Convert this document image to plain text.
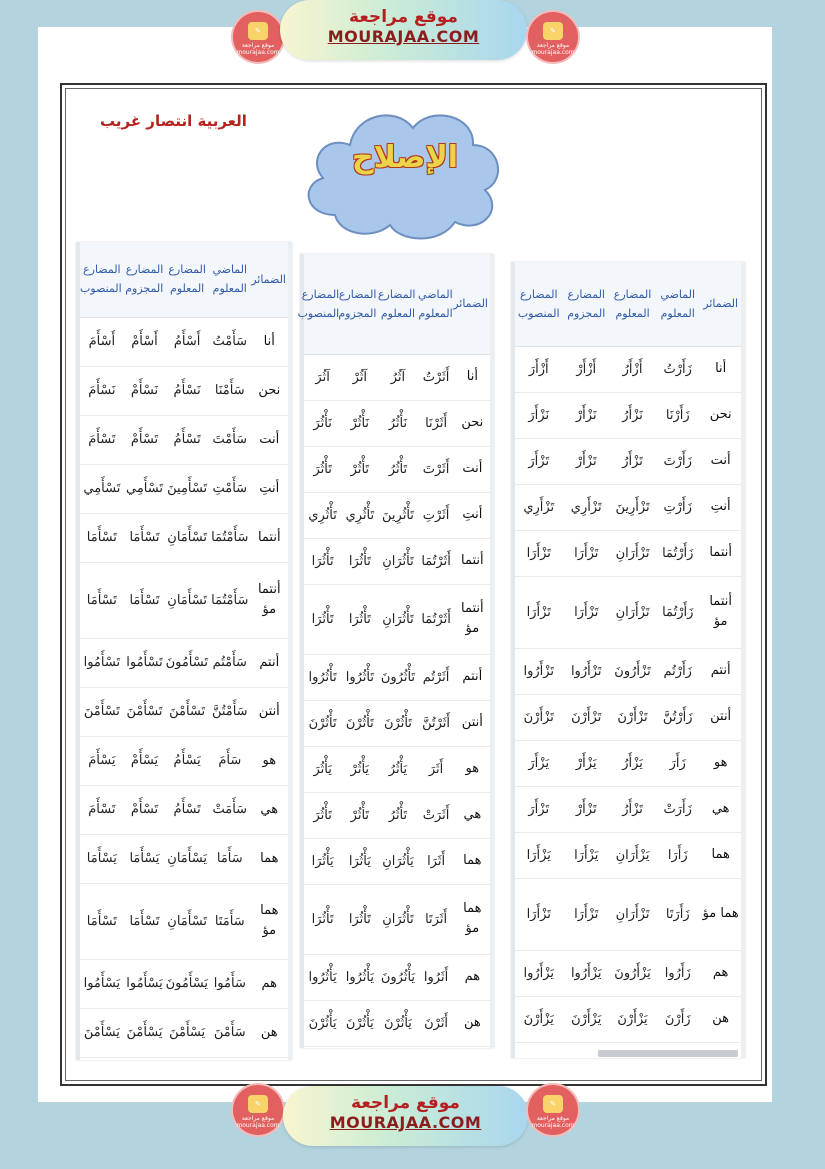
✎
موقع مراجعة
mourajaa.com
موقع مراجعة
MOURAJAA.COM	✎
موقع مراجعة
mourajaa.com
العربية انتصار غريب
الإصلاح
الضمائر	الماضي المعلوم	المضارع المعلوم	المضارع المجزوم	المضارع المنصوب
أنا	زَأَرْتُ	أَزْأَرُ	أَزْأَرْ	أَزْأَرَ
نحن	زَأَرْنَا	نَزْأَرُ	نَزْأَرْ	نَزْأَرَ
أنت	زَأَرْتَ	تَزْأَرُ	تَزْأَرْ	تَزْأَرَ
أنتِ	زَأَرْتِ	تَزْأَرِينَ	تَزْأَرِي	تَزْأَرِي
أنتما	زَأَرْتُمَا	تَزْأَرَانِ	تَزْأَرَا	تَزْأَرَا
أنتما مؤ	زَأَرْتُمَا	تَزْأَرَانِ	تَزْأَرَا	تَزْأَرَا
أنتم	زَأَرْتُم	تَزْأَرُونَ	تَزْأَرُوا	تَزْأَرُوا
أنتن	زَأَرْتُنَّ	تَزْأَرْنَ	تَزْأَرْنَ	تَزْأَرْنَ
هو	زَأَرَ	يَزْأَرُ	يَزْأَرْ	يَزْأَرَ
هي	زَأَرَتْ	تَزْأَرُ	تَزْأَرْ	تَزْأَرَ
هما	زَأَرَا	يَزْأَرَانِ	يَزْأَرَا	يَزْأَرَا
هما مؤ	زَأَرَتَا	تَزْأَرَانِ	تَزْأَرَا	تَزْأَرَا
هم	زَأَرُوا	يَزْأَرُونَ	يَزْأَرُوا	يَزْأَرُوا
هن	زَأَرْنَ	يَزْأَرْنَ	يَزْأَرْنَ	يَزْأَرْنَ
الضمائر	الماضي المعلوم	المضارع المعلوم	المضارع المجزوم	المضارع المنصوب
أنا	أَثَرْتُ	آثُرُ	آثُرْ	آثُرَ
نحن	أَثَرْنَا	نَأْثُرُ	نَأْثُرْ	نَأْثُرَ
أنت	أَثَرْتَ	تَأْثُرُ	تَأْثُرْ	تَأْثُرَ
أنتِ	أَثَرْتِ	تَأْثُرِينَ	تَأْثُرِي	تَأْثُرِي
أنتما	أَثَرْتُمَا	تَأْثُرَانِ	تَأْثُرَا	تَأْثُرَا
أنتما مؤ	أَثَرْتُمَا	تَأْثُرَانِ	تَأْثُرَا	تَأْثُرَا
أنتم	أَثَرْتُم	تَأْثُرُونَ	تَأْثُرُوا	تَأْثُرُوا
أنتن	أَثَرْتُنَّ	تَأْثُرْنَ	تَأْثُرْنَ	تَأْثُرْنَ
هو	أَثَرَ	يَأْثُرُ	يَأْثُرْ	يَأْثُرَ
هي	أَثَرَتْ	تَأْثُرُ	تَأْثُرْ	تَأْثُرَ
هما	أَثَرَا	يَأْثُرَانِ	يَأْثُرَا	يَأْثُرَا
هما مؤ	أَثَرَتَا	تَأْثُرَانِ	تَأْثُرَا	تَأْثُرَا
هم	أَثَرُوا	يَأْثُرُونَ	يَأْثُرُوا	يَأْثُرُوا
هن	أَثَرْنَ	يَأْثُرْنَ	يَأْثُرْنَ	يَأْثُرْنَ
الضمائر	الماضي المعلوم	المضارع المعلوم	المضارع المجزوم	المضارع المنصوب
أنا	سَأَمْتُ	أَسْأَمُ	أَسْأَمْ	أَسْأَمَ
نحن	سَأَمْنَا	نَسْأَمُ	نَسْأَمْ	نَسْأَمَ
أنت	سَأَمْتَ	تَسْأَمُ	تَسْأَمْ	تَسْأَمَ
أنتِ	سَأَمْتِ	تَسْأَمِينَ	تَسْأَمِي	تَسْأَمِي
أنتما	سَأَمْتُمَا	تَسْأَمَانِ	تَسْأَمَا	تَسْأَمَا
أنتما مؤ	سَأَمْتُمَا	تَسْأَمَانِ	تَسْأَمَا	تَسْأَمَا
أنتم	سَأَمْتُم	تَسْأَمُونَ	تَسْأَمُوا	تَسْأَمُوا
أنتن	سَأَمْتُنَّ	تَسْأَمْنَ	تَسْأَمْنَ	تَسْأَمْنَ
هو	سَأَمَ	يَسْأَمُ	يَسْأَمْ	يَسْأَمَ
هي	سَأَمَتْ	تَسْأَمُ	تَسْأَمْ	تَسْأَمَ
هما	سَأَمَا	يَسْأَمَانِ	يَسْأَمَا	يَسْأَمَا
هما مؤ	سَأَمَتَا	تَسْأَمَانِ	تَسْأَمَا	تَسْأَمَا
هم	سَأَمُوا	يَسْأَمُونَ	يَسْأَمُوا	يَسْأَمُوا
هن	سَأَمْنَ	يَسْأَمْنَ	يَسْأَمْنَ	يَسْأَمْنَ
✎
موقع مراجعة
mourajaa.com
موقع مراجعة
MOURAJAA.COM
✎
موقع مراجعة
mourajaa.com
